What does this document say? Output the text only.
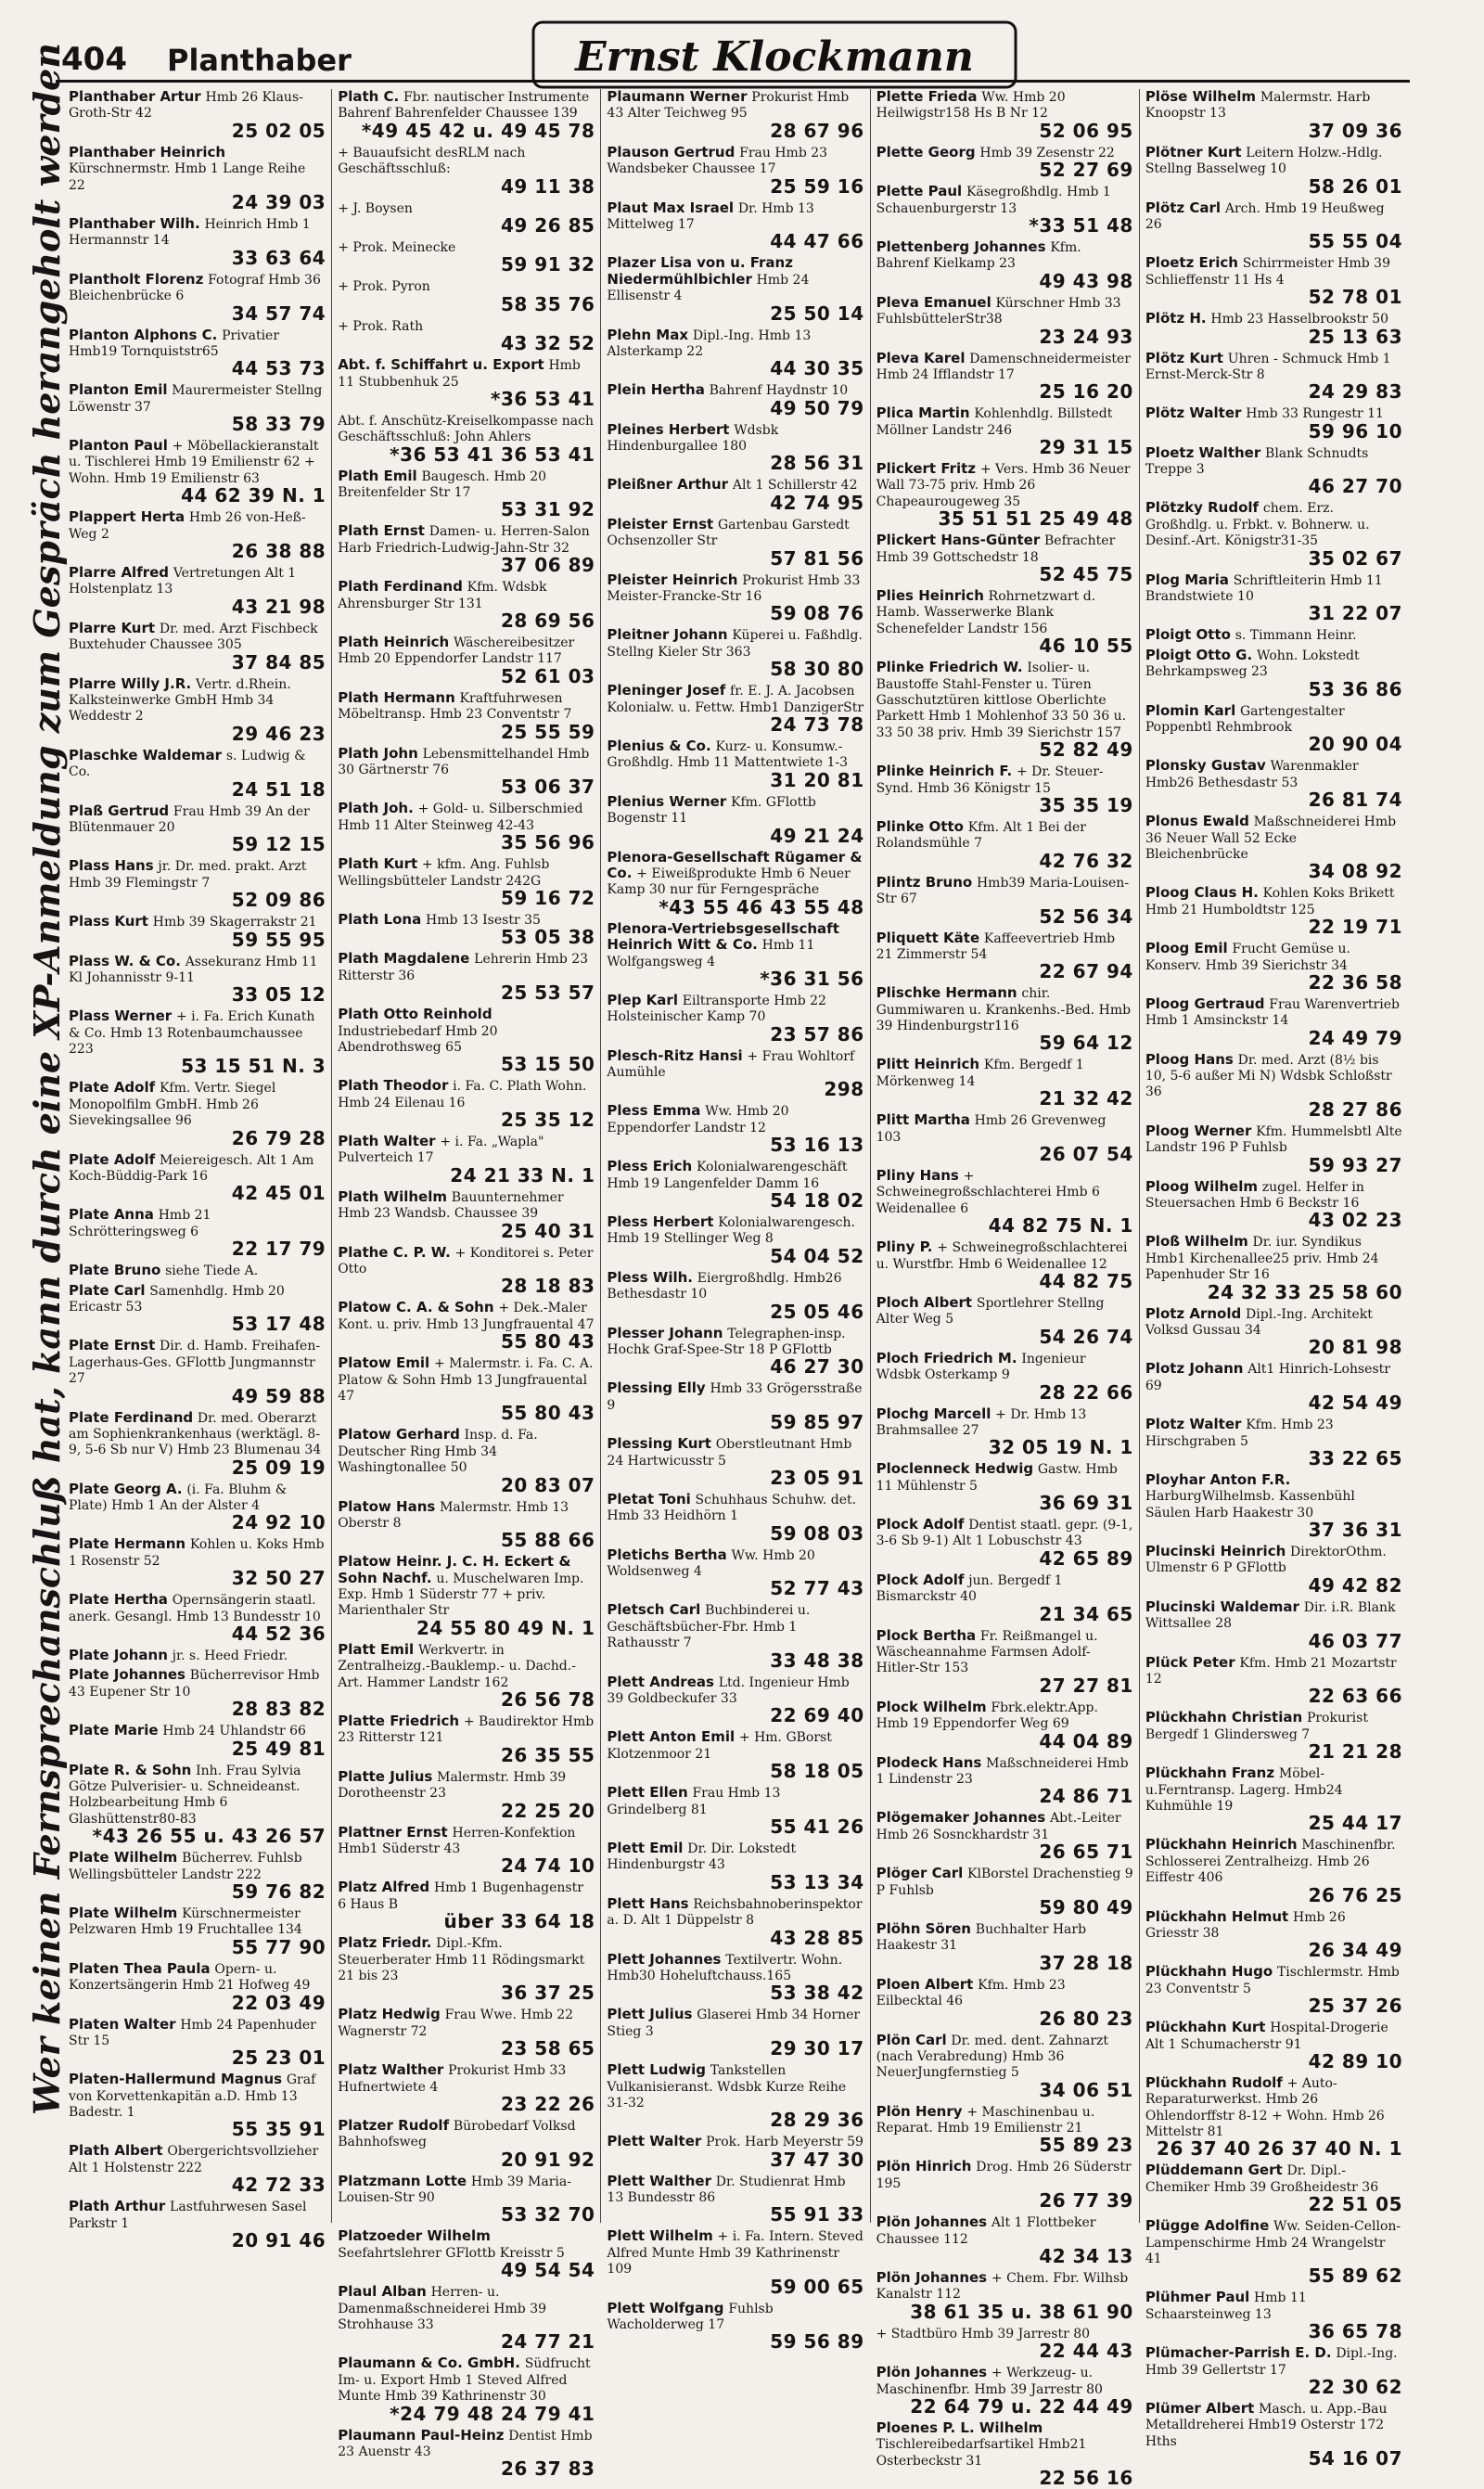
404 Planthaber	Ernst Klockmann
Wer keinen Fernsprechanschluß hat, kann durch eine XP-Anmeldung zum Gespräch herangeholt werden Planthaber Artur Hmb 26 Klaus-Groth-Str 42
25 02 05
Planthaber Heinrich Kürschnermstr. Hmb 1 Lange Reihe 22
24 39 03
Planthaber Wilh. Heinrich Hmb 1 Hermannstr 14
33 63 64
Plantholt Florenz Fotograf Hmb 36 Bleichenbrücke 6
34 57 74
Planton Alphons C. Privatier Hmb19 Tornquiststr65
44 53 73
Planton Emil Maurermeister Stellng Löwenstr 37
58 33 79
Planton Paul + Möbellackieranstalt u. Tischlerei Hmb 19 Emilienstr 62 + Wohn. Hmb 19 Emilienstr 63
44 62 39 N. 1
Plappert Herta Hmb 26 von-Heß-Weg 2
26 38 88
Plarre Alfred Vertretungen Alt 1 Holstenplatz 13
43 21 98
Plarre Kurt Dr. med. Arzt Fischbeck Buxtehuder Chaussee 305
37 84 85
Plarre Willy J.R. Vertr. d.Rhein. Kalksteinwerke GmbH Hmb 34 Weddestr 2
29 46 23
Plaschke Waldemar s. Ludwig & Co.
24 51 18
Plaß Gertrud Frau Hmb 39 An der Blütenmauer 20
59 12 15
Plass Hans jr. Dr. med. prakt. Arzt Hmb 39 Flemingstr 7
52 09 86
Plass Kurt Hmb 39 Skagerrakstr 21
59 55 95
Plass W. & Co. Assekuranz Hmb 11 Kl Johannisstr 9-11
33 05 12
Plass Werner + i. Fa. Erich Kunath & Co. Hmb 13 Rotenbaumchaussee 223
53 15 51 N. 3
Plate Adolf Kfm. Vertr. Siegel Monopolfilm GmbH. Hmb 26 Sievekingsallee 96
26 79 28
Plate Adolf Meiereigesch. Alt 1 Am Koch-Büddig-Park 16
42 45 01
Plate Anna Hmb 21 Schrötteringsweg 6
22 17 79
Plate Bruno siehe Tiede A.
Plate Carl Samenhdlg. Hmb 20 Ericastr 53
53 17 48
Plate Ernst Dir. d. Hamb. Freihafen-Lagerhaus-Ges. GFlottb Jungmannstr 27
49 59 88
Plate Ferdinand Dr. med. Oberarzt am Sophienkrankenhaus (werktägl. 8-9, 5-6 Sb nur V) Hmb 23 Blumenau 34
25 09 19
Plate Georg A. (i. Fa. Bluhm & Plate) Hmb 1 An der Alster 4
24 92 10
Plate Hermann Kohlen u. Koks Hmb 1 Rosenstr 52
32 50 27
Plate Hertha Opernsängerin staatl. anerk. Gesangl. Hmb 13 Bundesstr 10
44 52 36
Plate Johann jr. s. Heed Friedr.
Plate Johannes Bücherrevisor Hmb 43 Eupener Str 10
28 83 82
Plate Marie Hmb 24 Uhlandstr 66
25 49 81
Plate R. & Sohn Inh. Frau Sylvia Götze Pulverisier- u. Schneideanst. Holzbearbeitung Hmb 6 Glashüttenstr80-83
*43 26 55 u. 43 26 57
Plate Wilhelm Bücherrev. Fuhlsb Wellingsbütteler Landstr 222
59 76 82
Plate Wilhelm Kürschnermeister Pelzwaren Hmb 19 Fruchtallee 134
55 77 90
Platen Thea Paula Opern- u. Konzertsängerin Hmb 21 Hofweg 49
22 03 49
Platen Walter Hmb 24 Papenhuder Str 15
25 23 01
Platen-Hallermund Magnus Graf von Korvettenkapitän a.D. Hmb 13 Badestr. 1
55 35 91
Plath Albert Obergerichtsvollzieher Alt 1 Holstenstr 222
42 72 33
Plath Arthur Lastfuhrwesen Sasel Parkstr 1
20 91 46
Plath C. Fbr. nautischer Instrumente Bahrenf Bahrenfelder Chaussee 139
*49 45 42 u. 49 45 78
+ Bauaufsicht desRLM nach Geschäftsschluß:
49 11 38
+ J. Boysen
49 26 85
+ Prok. Meinecke
59 91 32
+ Prok. Pyron
58 35 76
+ Prok. Rath
43 32 52
Abt. f. Schiffahrt u. Export Hmb 11 Stubbenhuk 25
*36 53 41
Abt. f. Anschütz-Kreiselkompasse nach Geschäftsschluß: John Ahlers
*36 53 41 36 53 41
Plath Emil Baugesch. Hmb 20 Breitenfelder Str 17
53 31 92
Plath Ernst Damen- u. Herren-Salon Harb Friedrich-Ludwig-Jahn-Str 32
37 06 89
Plath Ferdinand Kfm. Wdsbk Ahrensburger Str 131
28 69 56
Plath Heinrich Wäschereibesitzer Hmb 20 Eppendorfer Landstr 117
52 61 03
Plath Hermann Kraftfuhrwesen Möbeltransp. Hmb 23 Conventstr 7
25 55 59
Plath John Lebensmittelhandel Hmb 30 Gärtnerstr 76
53 06 37
Plath Joh. + Gold- u. Silberschmied Hmb 11 Alter Steinweg 42-43
35 56 96
Plath Kurt + kfm. Ang. Fuhlsb Wellingsbütteler Landstr 242G
59 16 72
Plath Lona Hmb 13 Isestr 35
53 05 38
Plath Magdalene Lehrerin Hmb 23 Ritterstr 36
25 53 57
Plath Otto Reinhold Industriebedarf Hmb 20 Abendrothsweg 65
53 15 50
Plath Theodor i. Fa. C. Plath Wohn. Hmb 24 Eilenau 16
25 35 12
Plath Walter + i. Fa. „Wapla" Pulverteich 17
24 21 33 N. 1
Plath Wilhelm Bauunternehmer Hmb 23 Wandsb. Chaussee 39
25 40 31
Plathe C. P. W. + Konditorei s. Peter Otto
28 18 83
Platow C. A. & Sohn + Dek.-Maler Kont. u. priv. Hmb 13 Jungfrauental 47
55 80 43
Platow Emil + Malermstr. i. Fa. C. A. Platow & Sohn Hmb 13 Jungfrauental 47
55 80 43
Platow Gerhard Insp. d. Fa. Deutscher Ring Hmb 34 Washingtonallee 50
20 83 07
Platow Hans Malermstr. Hmb 13 Oberstr 8
55 88 66
Platow Heinr. J. C. H. Eckert & Sohn Nachf. u. Muschelwaren Imp. Exp. Hmb 1 Süderstr 77 + priv. Marienthaler Str
24 55 80 49 N. 1
Platt Emil Werkvertr. in Zentralheizg.-Bauklemp.- u. Dachd.-Art. Hammer Landstr 162
26 56 78
Platte Friedrich + Baudirektor Hmb 23 Ritterstr 121
26 35 55
Platte Julius Malermstr. Hmb 39 Dorotheenstr 23
22 25 20
Plattner Ernst Herren-Konfektion Hmb1 Süderstr 43
24 74 10
Platz Alfred Hmb 1 Bugenhagenstr 6 Haus B
über 33 64 18
Platz Friedr. Dipl.-Kfm. Steuerberater Hmb 11 Rödingsmarkt 21 bis 23
36 37 25
Platz Hedwig Frau Wwe. Hmb 22 Wagnerstr 72
23 58 65
Platz Walther Prokurist Hmb 33 Hufnertwiete 4
23 22 26
Platzer Rudolf Bürobedarf Volksd Bahnhofsweg
20 91 92
Platzmann Lotte Hmb 39 Maria-Louisen-Str 90
53 32 70
Platzoeder Wilhelm Seefahrtslehrer GFlottb Kreisstr 5
49 54 54
Plaul Alban Herren- u. Damenmaßschneiderei Hmb 39 Strohhause 33
24 77 21
Plaumann & Co. GmbH. Südfrucht Im- u. Export Hmb 1 Steved Alfred Munte Hmb 39 Kathrinenstr 30
*24 79 48 24 79 41
Plaumann Paul-Heinz Dentist Hmb 23 Auenstr 43
26 37 83
Plaumann Werner Prokurist Hmb 43 Alter Teichweg 95
28 67 96
Plauson Gertrud Frau Hmb 23 Wandsbeker Chaussee 17
25 59 16
Plaut Max Israel Dr. Hmb 13 Mittelweg 17
44 47 66
Plazer Lisa von u. Franz Niedermühlbichler Hmb 24 Ellisenstr 4
25 50 14
Plehn Max Dipl.-Ing. Hmb 13 Alsterkamp 22
44 30 35
Plein Hertha Bahrenf Haydnstr 10
49 50 79
Pleines Herbert Wdsbk Hindenburgallee 180
28 56 31
Pleißner Arthur Alt 1 Schillerstr 42
42 74 95
Pleister Ernst Gartenbau Garstedt Ochsenzoller Str
57 81 56
Pleister Heinrich Prokurist Hmb 33 Meister-Francke-Str 16
59 08 76
Pleitner Johann Küperei u. Faßhdlg. Stellng Kieler Str 363
58 30 80
Pleninger Josef fr. E. J. A. Jacobsen Kolonialw. u. Fettw. Hmb1 DanzigerStr
24 73 78
Plenius & Co. Kurz- u. Konsumw.-Großhdlg. Hmb 11 Mattentwiete 1-3
31 20 81
Plenius Werner Kfm. GFlottb Bogenstr 11
49 21 24
Plenora-Gesellschaft Rügamer & Co. + Eiweißprodukte Hmb 6 Neuer Kamp 30 nur für Ferngespräche
*43 55 46 43 55 48
Plenora-Vertriebsgesellschaft Heinrich Witt & Co. Hmb 11 Wolfgangsweg 4
*36 31 56
Plep Karl Eiltransporte Hmb 22 Holsteinischer Kamp 70
23 57 86
Plesch-Ritz Hansi + Frau Wohltorf Aumühle
298
Pless Emma Ww. Hmb 20 Eppendorfer Landstr 12
53 16 13
Pless Erich Kolonialwarengeschäft Hmb 19 Langenfelder Damm 16
54 18 02
Pless Herbert Kolonialwarengesch. Hmb 19 Stellinger Weg 8
54 04 52
Pless Wilh. Eiergroßhdlg. Hmb26 Bethesdastr 10
25 05 46
Plesser Johann Telegraphen-insp. Hochk Graf-Spee-Str 18 P GFlottb
46 27 30
Plessing Elly Hmb 33 Grögersstraße 9
59 85 97
Plessing Kurt Oberstleutnant Hmb 24 Hartwicusstr 5
23 05 91
Pletat Toni Schuhhaus Schuhw. det. Hmb 33 Heidhörn 1
59 08 03
Pletichs Bertha Ww. Hmb 20 Woldsenweg 4
52 77 43
Pletsch Carl Buchbinderei u. Geschäftsbücher-Fbr. Hmb 1 Rathausstr 7
33 48 38
Plett Andreas Ltd. Ingenieur Hmb 39 Goldbeckufer 33
22 69 40
Plett Anton Emil + Hm. GBorst Klotzenmoor 21
58 18 05
Plett Ellen Frau Hmb 13 Grindelberg 81
55 41 26
Plett Emil Dr. Dir. Lokstedt Hindenburgstr 43
53 13 34
Plett Hans Reichsbahnoberinspektor a. D. Alt 1 Düppelstr 8
43 28 85
Plett Johannes Textilvertr. Wohn. Hmb30 Hoheluftchauss.165
53 38 42
Plett Julius Glaserei Hmb 34 Horner Stieg 3
29 30 17
Plett Ludwig Tankstellen Vulkanisieranst. Wdsbk Kurze Reihe 31-32
28 29 36
Plett Walter Prok. Harb Meyerstr 59
37 47 30
Plett Walther Dr. Studienrat Hmb 13 Bundesstr 86
55 91 33
Plett Wilhelm + i. Fa. Intern. Steved Alfred Munte Hmb 39 Kathrinenstr 109
59 00 65
Plett Wolfgang Fuhlsb Wacholderweg 17
59 56 89
Plette Frieda Ww. Hmb 20 Heilwigstr158 Hs B Nr 12
52 06 95
Plette Georg Hmb 39 Zesenstr 22
52 27 69
Plette Paul Käsegroßhdlg. Hmb 1 Schauenburgerstr 13
*33 51 48
Plettenberg Johannes Kfm. Bahrenf Kielkamp 23
49 43 98
Pleva Emanuel Kürschner Hmb 33 FuhlsbüttelerStr38
23 24 93
Pleva Karel Damenschneidermeister Hmb 24 Ifflandstr 17
25 16 20
Plica Martin Kohlenhdlg. Billstedt Möllner Landstr 246
29 31 15
Plickert Fritz + Vers. Hmb 36 Neuer Wall 73-75 priv. Hmb 26 Chapeaurougeweg 35
35 51 51 25 49 48
Plickert Hans-Günter Befrachter Hmb 39 Gottschedstr 18
52 45 75
Plies Heinrich Rohrnetzwart d. Hamb. Wasserwerke Blank Schenefelder Landstr 156
46 10 55
Plinke Friedrich W. Isolier- u. Baustoffe Stahl-Fenster u. Türen Gasschutztüren kittlose Oberlichte Parkett Hmb 1 Mohlenhof 33 50 36 u. 33 50 38 priv. Hmb 39 Sierichstr 157
52 82 49
Plinke Heinrich F. + Dr. Steuer-Synd. Hmb 36 Königstr 15
35 35 19
Plinke Otto Kfm. Alt 1 Bei der Rolandsmühle 7
42 76 32
Plintz Bruno Hmb39 Maria-Louisen-Str 67
52 56 34
Pliquett Käte Kaffeevertrieb Hmb 21 Zimmerstr 54
22 67 94
Plischke Hermann chir. Gummiwaren u. Krankenhs.-Bed. Hmb 39 Hindenburgstr116
59 64 12
Plitt Heinrich Kfm. Bergedf 1 Mörkenweg 14
21 32 42
Plitt Martha Hmb 26 Grevenweg 103
26 07 54
Pliny Hans + Schweinegroßschlachterei Hmb 6 Weidenallee 6
44 82 75 N. 1
Pliny P. + Schweinegroßschlachterei u. Wurstfbr. Hmb 6 Weidenallee 12
44 82 75
Ploch Albert Sportlehrer Stellng Alter Weg 5
54 26 74
Ploch Friedrich M. Ingenieur Wdsbk Osterkamp 9
28 22 66
Plochg Marcell + Dr. Hmb 13 Brahmsallee 27
32 05 19 N. 1
Ploclenneck Hedwig Gastw. Hmb 11 Mühlenstr 5
36 69 31
Plock Adolf Dentist staatl. gepr. (9-1, 3-6 Sb 9-1) Alt 1 Lobuschstr 43
42 65 89
Plock Adolf jun. Bergedf 1 Bismarckstr 40
21 34 65
Plock Bertha Fr. Reißmangel u. Wäscheannahme Farmsen Adolf-Hitler-Str 153
27 27 81
Plock Wilhelm Fbrk.elektr.App. Hmb 19 Eppendorfer Weg 69
44 04 89
Plodeck Hans Maßschneiderei Hmb 1 Lindenstr 23
24 86 71
Plögemaker Johannes Abt.-Leiter Hmb 26 Sosnckhardstr 31
26 65 71
Plöger Carl KlBorstel Drachenstieg 9 P Fuhlsb
59 80 49
Plöhn Sören Buchhalter Harb Haakestr 31
37 28 18
Ploen Albert Kfm. Hmb 23 Eilbecktal 46
26 80 23
Plön Carl Dr. med. dent. Zahnarzt (nach Verabredung) Hmb 36 NeuerJungfernstieg 5
34 06 51
Plön Henry + Maschinenbau u. Reparat. Hmb 19 Emilienstr 21
55 89 23
Plön Hinrich Drog. Hmb 26 Süderstr 195
26 77 39
Plön Johannes Alt 1 Flottbeker Chaussee 112
42 34 13
Plön Johannes + Chem. Fbr. Wilhsb Kanalstr 112
38 61 35 u. 38 61 90
+ Stadtbüro Hmb 39 Jarrestr 80
22 44 43
Plön Johannes + Werkzeug- u. Maschinenfbr. Hmb 39 Jarrestr 80
22 64 79 u. 22 44 49
Ploenes P. L. Wilhelm Tischlereibedarfsartikel Hmb21 Osterbeckstr 31
22 56 16
Plöse Wilhelm Malermstr. Harb Knoopstr 13
37 09 36
Plötner Kurt Leitern Holzw.-Hdlg. Stellng Basselweg 10
58 26 01
Plötz Carl Arch. Hmb 19 Heußweg 26
55 55 04
Ploetz Erich Schirrmeister Hmb 39 Schlieffenstr 11 Hs 4
52 78 01
Plötz H. Hmb 23 Hasselbrookstr 50
25 13 63
Plötz Kurt Uhren - Schmuck Hmb 1 Ernst-Merck-Str 8
24 29 83
Plötz Walter Hmb 33 Rungestr 11
59 96 10
Ploetz Walther Blank Schnudts Treppe 3
46 27 70
Plötzky Rudolf chem. Erz. Großhdlg. u. Frbkt. v. Bohnerw. u. Desinf.-Art. Königstr31-35
35 02 67
Plog Maria Schriftleiterin Hmb 11 Brandstwiete 10
31 22 07
Ploigt Otto s. Timmann Heinr.
Ploigt Otto G. Wohn. Lokstedt Behrkampsweg 23
53 36 86
Plomin Karl Gartengestalter Poppenbtl Rehmbrook
20 90 04
Plonsky Gustav Warenmakler Hmb26 Bethesdastr 53
26 81 74
Plonus Ewald Maßschneiderei Hmb 36 Neuer Wall 52 Ecke Bleichenbrücke
34 08 92
Ploog Claus H. Kohlen Koks Brikett Hmb 21 Humboldtstr 125
22 19 71
Ploog Emil Frucht Gemüse u. Konserv. Hmb 39 Sierichstr 34
22 36 58
Ploog Gertraud Frau Warenvertrieb Hmb 1 Amsinckstr 14
24 49 79
Ploog Hans Dr. med. Arzt (8½ bis 10, 5-6 außer Mi N) Wdsbk Schloßstr 36
28 27 86
Ploog Werner Kfm. Hummelsbtl Alte Landstr 196 P Fuhlsb
59 93 27
Ploog Wilhelm zugel. Helfer in Steuersachen Hmb 6 Beckstr 16
43 02 23
Ploß Wilhelm Dr. iur. Syndikus Hmb1 Kirchenallee25 priv. Hmb 24 Papenhuder Str 16
24 32 33 25 58 60
Plotz Arnold Dipl.-Ing. Architekt Volksd Gussau 34
20 81 98
Plotz Johann Alt1 Hinrich-Lohsestr 69
42 54 49
Plotz Walter Kfm. Hmb 23 Hirschgraben 5
33 22 65
Ployhar Anton F.R. HarburgWilhelmsb. Kassenbühl Säulen Harb Haakestr 30
37 36 31
Plucinski Heinrich DirektorOthm. Ulmenstr 6 P GFlottb
49 42 82
Plucinski Waldemar Dir. i.R. Blank Wittsallee 28
46 03 77
Plück Peter Kfm. Hmb 21 Mozartstr 12
22 63 66
Plückhahn Christian Prokurist Bergedf 1 Glindersweg 7
21 21 28
Plückhahn Franz Möbel-u.Ferntransp. Lagerg. Hmb24 Kuhmühle 19
25 44 17
Plückhahn Heinrich Maschinenfbr. Schlosserei Zentralheizg. Hmb 26 Eiffestr 406
26 76 25
Plückhahn Helmut Hmb 26 Griesstr 38
26 34 49
Plückhahn Hugo Tischlermstr. Hmb 23 Conventstr 5
25 37 26
Plückhahn Kurt Hospital-Drogerie Alt 1 Schumacherstr 91
42 89 10
Plückhahn Rudolf + Auto-Reparaturwerkst. Hmb 26 Ohlendorffstr 8-12 + Wohn. Hmb 26 Mittelstr 81
26 37 40 26 37 40 N. 1
Plüddemann Gert Dr. Dipl.-Chemiker Hmb 39 Großheidestr 36
22 51 05
Plügge Adolfine Ww. Seiden-Cellon-Lampenschirme Hmb 24 Wrangelstr 41
55 89 62
Plühmer Paul Hmb 11 Schaarsteinweg 13
36 65 78
Plümacher-Parrish E. D. Dipl.-Ing. Hmb 39 Gellertstr 17
22 30 62
Plümer Albert Masch. u. App.-Bau Metalldreherei Hmb19 Osterstr 172 Hths
54 16 07
